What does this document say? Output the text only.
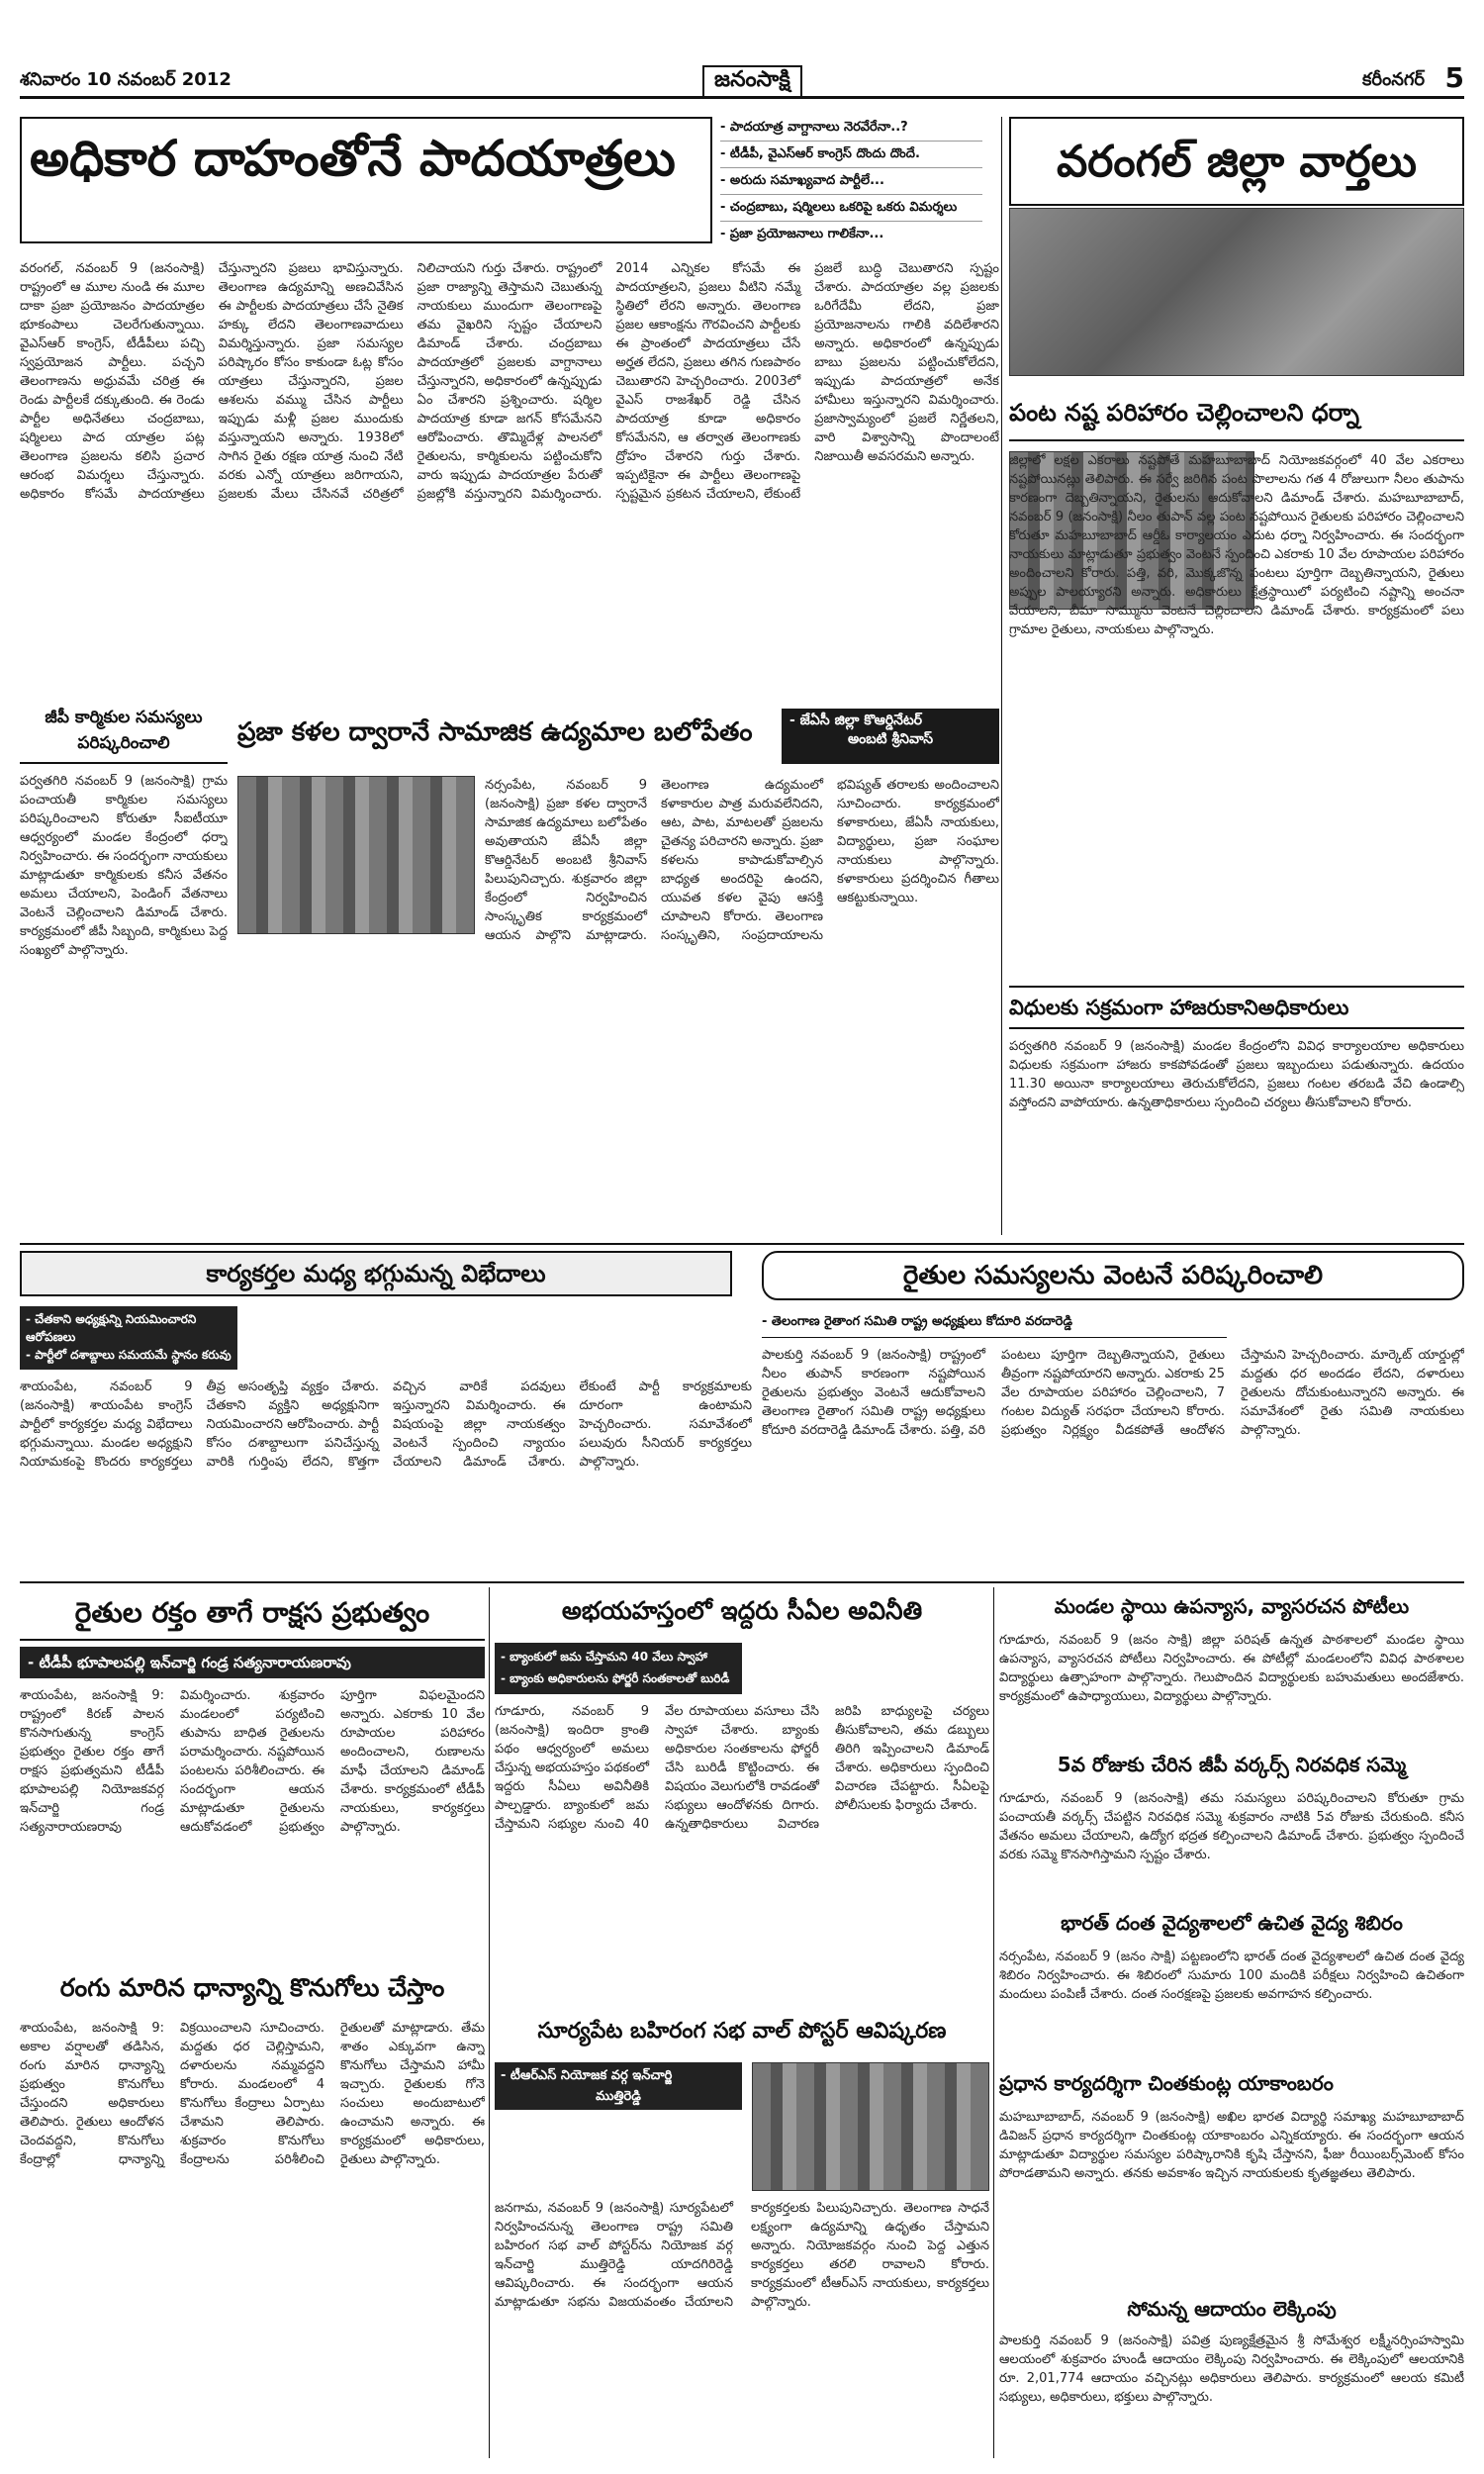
శనివారం 10 నవంబర్ 2012	జనంసాక్షి	కరీంనగర్ 5
అధికార దాహంతోనే పాదయాత్రలు
- పాదయాత్ర వాగ్దానాలు నెరవేరేనా..?
- టీడీపీ, వైఎస్ఆర్ కాంగ్రెస్ దొందు దొందే.
- అరుదు సమాఖ్యవాద పార్టీలే...
- చంద్రబాబు, షర్మిలలు ఒకరిపై ఒకరు విమర్శలు
- ప్రజా ప్రయోజనాలు గాలికేనా...
వరంగల్, నవంబర్ 9 (జనంసాక్షి) రాష్ట్రంలో ఆ మూల నుండి ఈ మూల దాకా ప్రజా ప్రయోజనం పాదయాత్రల భూకంపాలు చెలరేగుతున్నాయి. వైఎస్ఆర్ కాంగ్రెస్, టీడీపీలు పచ్చి స్వప్రయోజన పార్టీలు. పచ్చని తెలంగాణను అధ్రువమే చరిత్ర ఈ రెండు పార్టీలకే దక్కుతుంది. ఈ రెండు పార్టీల అధినేతలు చంద్రబాబు, షర్మిలలు పాద యాత్రల పట్ల తెలంగాణ ప్రజలను కలిసి ప్రచార ఆరంభ విమర్శలు చేస్తున్నారు. అధికారం కోసమే పాదయాత్రలు చేస్తున్నారని ప్రజలు భావిస్తున్నారు. తెలంగాణ ఉద్యమాన్ని అణచివేసిన ఈ పార్టీలకు పాదయాత్రలు చేసే నైతిక హక్కు లేదని తెలంగాణవాదులు విమర్శిస్తున్నారు. ప్రజా సమస్యల పరిష్కారం కోసం కాకుండా ఓట్ల కోసం యాత్రలు చేస్తున్నారని, ప్రజల ఆశలను వమ్ము చేసిన పార్టీలు ఇప్పుడు మళ్లీ ప్రజల ముందుకు వస్తున్నాయని అన్నారు. 1938లో సాగిన రైతు రక్షణ యాత్ర నుంచి నేటి వరకు ఎన్నో యాత్రలు జరిగాయని, ప్రజలకు మేలు చేసినవే చరిత్రలో నిలిచాయని గుర్తు చేశారు. రాష్ట్రంలో ప్రజా రాజ్యాన్ని తెస్తామని చెబుతున్న నాయకులు ముందుగా తెలంగాణపై తమ వైఖరిని స్పష్టం చేయాలని డిమాండ్ చేశారు. చంద్రబాబు పాదయాత్రలో ప్రజలకు వాగ్దానాలు చేస్తున్నారని, అధికారంలో ఉన్నప్పుడు ఏం చేశారని ప్రశ్నించారు. షర్మిల పాదయాత్ర కూడా జగన్ కోసమేనని ఆరోపించారు. తొమ్మిదేళ్ల పాలనలో రైతులను, కార్మికులను పట్టించుకోని వారు ఇప్పుడు పాదయాత్రల పేరుతో ప్రజల్లోకి వస్తున్నారని విమర్శించారు. 2014 ఎన్నికల కోసమే ఈ పాదయాత్రలని, ప్రజలు వీటిని నమ్మే స్థితిలో లేరని అన్నారు. తెలంగాణ ప్రజల ఆకాంక్షను గౌరవించని పార్టీలకు ఈ ప్రాంతంలో పాదయాత్రలు చేసే అర్హత లేదని, ప్రజలు తగిన గుణపాఠం చెబుతారని హెచ్చరించారు. 2003లో వైఎస్ రాజశేఖర్ రెడ్డి చేసిన పాదయాత్ర కూడా అధికారం కోసమేనని, ఆ తర్వాత తెలంగాణకు ద్రోహం చేశారని గుర్తు చేశారు. ఇప్పటికైనా ఈ పార్టీలు తెలంగాణపై స్పష్టమైన ప్రకటన చేయాలని, లేకుంటే ప్రజలే బుద్ధి చెబుతారని స్పష్టం చేశారు. పాదయాత్రల వల్ల ప్రజలకు ఒరిగేదేమీ లేదని, ప్రజా ప్రయోజనాలను గాలికి వదిలేశారని అన్నారు. అధికారంలో ఉన్నప్పుడు బాబు ప్రజలను పట్టించుకోలేదని, ఇప్పుడు పాదయాత్రలో అనేక హామీలు ఇస్తున్నారని విమర్శించారు. ప్రజాస్వామ్యంలో ప్రజలే నిర్ణేతలని, వారి విశ్వాసాన్ని పొందాలంటే నిజాయితీ అవసరమని అన్నారు.
వరంగల్ జిల్లా వార్తలు
పంట నష్ట పరిహారం చెల్లించాలని ధర్నా
జిల్లాలో లక్షల ఎకరాలు నష్టపోతే మహబూబాబాద్ నియోజకవర్గంలో 40 వేల ఎకరాలు నష్టపోయినట్లు తెలిపారు. ఈ సర్వే జరిగిన పంట పొలాలను గత 4 రోజులుగా నీలం తుపాను కారణంగా దెబ్బతిన్నాయని, రైతులను ఆదుకోవాలని డిమాండ్ చేశారు. మహబూబాబాద్, నవంబర్ 9 (జనంసాక్షి) నీలం తుపాన్ వల్ల పంట నష్టపోయిన రైతులకు పరిహారం చెల్లించాలని కోరుతూ మహబూబాబాద్ ఆర్డీఓ కార్యాలయం ఎదుట ధర్నా నిర్వహించారు. ఈ సందర్భంగా నాయకులు మాట్లాడుతూ ప్రభుత్వం వెంటనే స్పందించి ఎకరాకు 10 వేల రూపాయల పరిహారం అందించాలని కోరారు. పత్తి, వరి, మొక్కజొన్న పంటలు పూర్తిగా దెబ్బతిన్నాయని, రైతులు అప్పుల పాలయ్యారని అన్నారు. అధికారులు క్షేత్రస్థాయిలో పర్యటించి నష్టాన్ని అంచనా వేయాలని, బీమా సొమ్మును వెంటనే చెల్లించాలని డిమాండ్ చేశారు. కార్యక్రమంలో పలు గ్రామాల రైతులు, నాయకులు పాల్గొన్నారు.
జీపీ కార్మికుల సమస్యలు పరిష్కరించాలి
పర్వతగిరి నవంబర్ 9 (జనంసాక్షి) గ్రామ పంచాయతీ కార్మికుల సమస్యలు పరిష్కరించాలని కోరుతూ సీఐటీయూ ఆధ్వర్యంలో మండల కేంద్రంలో ధర్నా నిర్వహించారు. ఈ సందర్భంగా నాయకులు మాట్లాడుతూ కార్మికులకు కనీస వేతనం అమలు చేయాలని, పెండింగ్ వేతనాలు వెంటనే చెల్లించాలని డిమాండ్ చేశారు. కార్యక్రమంలో జీపీ సిబ్బంది, కార్మికులు పెద్ద సంఖ్యలో పాల్గొన్నారు.
ప్రజా కళల ద్వారానే సామాజిక ఉద్యమాల బలోపేతం	- జేఏసీ జిల్లా కొఆర్డినేటర్
అంబటి శ్రీనివాస్
నర్సంపేట, నవంబర్ 9 (జనంసాక్షి) ప్రజా కళల ద్వారానే సామాజిక ఉద్యమాలు బలోపేతం అవుతాయని జేఏసీ జిల్లా కొఆర్డినేటర్ అంబటి శ్రీనివాస్ పిలుపునిచ్చారు. శుక్రవారం జిల్లా కేంద్రంలో నిర్వహించిన సాంస్కృతిక కార్యక్రమంలో ఆయన పాల్గొని మాట్లాడారు. తెలంగాణ ఉద్యమంలో కళాకారుల పాత్ర మరువలేనిదని, ఆట, పాట, మాటలతో ప్రజలను చైతన్య పరిచారని అన్నారు. ప్రజా కళలను కాపాడుకోవాల్సిన బాధ్యత అందరిపై ఉందని, యువత కళల వైపు ఆసక్తి చూపాలని కోరారు. తెలంగాణ సంస్కృతిని, సంప్రదాయాలను భవిష్యత్ తరాలకు అందించాలని సూచించారు. కార్యక్రమంలో కళాకారులు, జేఏసీ నాయకులు, విద్యార్థులు, ప్రజా సంఘాల నాయకులు పాల్గొన్నారు. కళాకారులు ప్రదర్శించిన గీతాలు ఆకట్టుకున్నాయి.
విధులకు సక్రమంగా హాజరుకానిఅధికారులు
పర్వతగిరి నవంబర్ 9 (జనంసాక్షి) మండల కేంద్రంలోని వివిధ కార్యాలయాల అధికారులు విధులకు సక్రమంగా హాజరు కాకపోవడంతో ప్రజలు ఇబ్బందులు పడుతున్నారు. ఉదయం 11.30 అయినా కార్యాలయాలు తెరుచుకోలేదని, ప్రజలు గంటల తరబడి వేచి ఉండాల్సి వస్తోందని వాపోయారు. ఉన్నతాధికారులు స్పందించి చర్యలు తీసుకోవాలని కోరారు.
కార్యకర్తల మధ్య భగ్గుమన్న విభేదాలు
- చేతకాని అధ్యక్షున్ని నియమించారని ఆరోపణలు
- పార్టీలో దశాబ్దాలు సమయమే స్థానం కరువు
శాయంపేట, నవంబర్ 9 (జనంసాక్షి) శాయంపేట కాంగ్రెస్ పార్టీలో కార్యకర్తల మధ్య విభేదాలు భగ్గుమన్నాయి. మండల అధ్యక్షుని నియామకంపై కొందరు కార్యకర్తలు తీవ్ర అసంతృప్తి వ్యక్తం చేశారు. చేతకాని వ్యక్తిని అధ్యక్షునిగా నియమించారని ఆరోపించారు. పార్టీ కోసం దశాబ్దాలుగా పనిచేస్తున్న వారికి గుర్తింపు లేదని, కొత్తగా వచ్చిన వారికే పదవులు ఇస్తున్నారని విమర్శించారు. ఈ విషయంపై జిల్లా నాయకత్వం వెంటనే స్పందించి న్యాయం చేయాలని డిమాండ్ చేశారు. లేకుంటే పార్టీ కార్యక్రమాలకు దూరంగా ఉంటామని హెచ్చరించారు. సమావేశంలో పలువురు సీనియర్ కార్యకర్తలు పాల్గొన్నారు.
రైతుల సమస్యలను వెంటనే పరిష్కరించాలి
- తెలంగాణ రైతాంగ సమితి రాష్ట్ర అధ్యక్షులు కోదూరి వరదారెడ్డి
పాలకుర్తి నవంబర్ 9 (జనంసాక్షి) రాష్ట్రంలో నీలం తుపాన్ కారణంగా నష్టపోయిన రైతులను ప్రభుత్వం వెంటనే ఆదుకోవాలని తెలంగాణ రైతాంగ సమితి రాష్ట్ర అధ్యక్షులు కోదూరి వరదారెడ్డి డిమాండ్ చేశారు. పత్తి, వరి పంటలు పూర్తిగా దెబ్బతిన్నాయని, రైతులు తీవ్రంగా నష్టపోయారని అన్నారు. ఎకరాకు 25 వేల రూపాయల పరిహారం చెల్లించాలని, 7 గంటల విద్యుత్ సరఫరా చేయాలని కోరారు. ప్రభుత్వం నిర్లక్ష్యం వీడకపోతే ఆందోళన చేస్తామని హెచ్చరించారు. మార్కెట్ యార్డుల్లో మద్దతు ధర అందడం లేదని, దళారులు రైతులను దోచుకుంటున్నారని అన్నారు. ఈ సమావేశంలో రైతు సమితి నాయకులు పాల్గొన్నారు.
రైతుల రక్తం తాగే రాక్షస ప్రభుత్వం
- టీడీపీ భూపాలపల్లి ఇన్‌చార్జి గండ్ర సత్యనారాయణరావు
శాయంపేట, జనంసాక్షి 9: రాష్ట్రంలో కిరణ్ పాలన కొనసాగుతున్న కాంగ్రెస్ ప్రభుత్వం రైతుల రక్తం తాగే రాక్షస ప్రభుత్వమని టీడీపీ భూపాలపల్లి నియోజకవర్గ ఇన్‌చార్జి గండ్ర సత్యనారాయణరావు విమర్శించారు. శుక్రవారం మండలంలో పర్యటించి తుపాను బాధిత రైతులను పరామర్శించారు. నష్టపోయిన పంటలను పరిశీలించారు. ఈ సందర్భంగా ఆయన మాట్లాడుతూ రైతులను ఆదుకోవడంలో ప్రభుత్వం పూర్తిగా విఫలమైందని అన్నారు. ఎకరాకు 10 వేల రూపాయల పరిహారం అందించాలని, రుణాలను మాఫీ చేయాలని డిమాండ్ చేశారు. కార్యక్రమంలో టీడీపీ నాయకులు, కార్యకర్తలు పాల్గొన్నారు.
అభయహస్తంలో ఇద్దరు సీఏల అవినీతి
- బ్యాంకులో జమ చేస్తామని 40 వేలు స్వాహా
- బ్యాంకు అధికారులను ఫోర్జరీ సంతకాలతో బురిడీ
గూడూరు, నవంబర్ 9 (జనంసాక్షి) ఇందిరా క్రాంతి పథం ఆధ్వర్యంలో అమలు చేస్తున్న అభయహస్తం పథకంలో ఇద్దరు సీఏలు అవినీతికి పాల్పడ్డారు. బ్యాంకులో జమ చేస్తామని సభ్యుల నుంచి 40 వేల రూపాయలు వసూలు చేసి స్వాహా చేశారు. బ్యాంకు అధికారుల సంతకాలను ఫోర్జరీ చేసి బురిడీ కొట్టించారు. ఈ విషయం వెలుగులోకి రావడంతో సభ్యులు ఆందోళనకు దిగారు. ఉన్నతాధికారులు విచారణ జరిపి బాధ్యులపై చర్యలు తీసుకోవాలని, తమ డబ్బులు తిరిగి ఇప్పించాలని డిమాండ్ చేశారు. అధికారులు స్పందించి విచారణ చేపట్టారు. సీఏలపై పోలీసులకు ఫిర్యాదు చేశారు.
మండల స్థాయి ఉపన్యాస, వ్యాసరచన పోటీలు
గూడూరు, నవంబర్ 9 (జనం సాక్షి) జిల్లా పరిషత్ ఉన్నత పాఠశాలలో మండల స్థాయి ఉపన్యాస, వ్యాసరచన పోటీలు నిర్వహించారు. ఈ పోటీల్లో మండలంలోని వివిధ పాఠశాలల విద్యార్థులు ఉత్సాహంగా పాల్గొన్నారు. గెలుపొందిన విద్యార్థులకు బహుమతులు అందజేశారు. కార్యక్రమంలో ఉపాధ్యాయులు, విద్యార్థులు పాల్గొన్నారు.
5వ రోజుకు చేరిన జీపీ వర్కర్స్ నిరవధిక సమ్మె
గూడూరు, నవంబర్ 9 (జనంసాక్షి) తమ సమస్యలు పరిష్కరించాలని కోరుతూ గ్రామ పంచాయతీ వర్కర్స్ చేపట్టిన నిరవధిక సమ్మె శుక్రవారం నాటికి 5వ రోజుకు చేరుకుంది. కనీస వేతనం అమలు చేయాలని, ఉద్యోగ భద్రత కల్పించాలని డిమాండ్ చేశారు. ప్రభుత్వం స్పందించే వరకు సమ్మె కొనసాగిస్తామని స్పష్టం చేశారు.
భారత్ దంత వైద్యశాలలో ఉచిత వైద్య శిబిరం
నర్సంపేట, నవంబర్ 9 (జనం సాక్షి) పట్టణంలోని భారత్ దంత వైద్యశాలలో ఉచిత దంత వైద్య శిబిరం నిర్వహించారు. ఈ శిబిరంలో సుమారు 100 మందికి పరీక్షలు నిర్వహించి ఉచితంగా మందులు పంపిణీ చేశారు. దంత సంరక్షణపై ప్రజలకు అవగాహన కల్పించారు.
రంగు మారిన ధాన్యాన్ని కొనుగోలు చేస్తాం
శాయంపేట, జనంసాక్షి 9: అకాల వర్షాలతో తడిసిన, రంగు మారిన ధాన్యాన్ని ప్రభుత్వం కొనుగోలు చేస్తుందని అధికారులు తెలిపారు. రైతులు ఆందోళన చెందవద్దని, కొనుగోలు కేంద్రాల్లో ధాన్యాన్ని విక్రయించాలని సూచించారు. మద్దతు ధర చెల్లిస్తామని, దళారులను నమ్మవద్దని కోరారు. మండలంలో 4 కొనుగోలు కేంద్రాలు ఏర్పాటు చేశామని తెలిపారు. శుక్రవారం కొనుగోలు కేంద్రాలను పరిశీలించి రైతులతో మాట్లాడారు. తేమ శాతం ఎక్కువగా ఉన్నా కొనుగోలు చేస్తామని హామీ ఇచ్చారు. రైతులకు గోనె సంచులు అందుబాటులో ఉంచామని అన్నారు. ఈ కార్యక్రమంలో అధికారులు, రైతులు పాల్గొన్నారు.
సూర్యపేట బహిరంగ సభ వాల్ పోస్టర్ ఆవిష్కరణ
- టీఆర్ఎస్ నియోజక వర్గ ఇన్‌చార్జి
ముత్తిరెడ్డి
జనగామ, నవంబర్ 9 (జనంసాక్షి) సూర్యపేటలో నిర్వహించనున్న తెలంగాణ రాష్ట్ర సమితి బహిరంగ సభ వాల్ పోస్టర్‌ను నియోజక వర్గ ఇన్‌చార్జి ముత్తిరెడ్డి యాదగిరిరెడ్డి ఆవిష్కరించారు. ఈ సందర్భంగా ఆయన మాట్లాడుతూ సభను విజయవంతం చేయాలని కార్యకర్తలకు పిలుపునిచ్చారు. తెలంగాణ సాధనే లక్ష్యంగా ఉద్యమాన్ని ఉధృతం చేస్తామని అన్నారు. నియోజకవర్గం నుంచి పెద్ద ఎత్తున కార్యకర్తలు తరలి రావాలని కోరారు. కార్యక్రమంలో టీఆర్ఎస్ నాయకులు, కార్యకర్తలు పాల్గొన్నారు.
ప్రధాన కార్యదర్శిగా చింతకుంట్ల యాకాంబరం
మహబూబాబాద్, నవంబర్ 9 (జనంసాక్షి) అఖిల భారత విద్యార్థి సమాఖ్య మహబూబాబాద్ డివిజన్ ప్రధాన కార్యదర్శిగా చింతకుంట్ల యాకాంబరం ఎన్నికయ్యారు. ఈ సందర్భంగా ఆయన మాట్లాడుతూ విద్యార్థుల సమస్యల పరిష్కారానికి కృషి చేస్తానని, ఫీజు రీయింబర్స్‌మెంట్ కోసం పోరాడతామని అన్నారు. తనకు అవకాశం ఇచ్చిన నాయకులకు కృతజ్ఞతలు తెలిపారు.
సోమన్న ఆదాయం లెక్కింపు
పాలకుర్తి నవంబర్ 9 (జనంసాక్షి) పవిత్ర పుణ్యక్షేత్రమైన శ్రీ సోమేశ్వర లక్ష్మీనర్సింహస్వామి ఆలయంలో శుక్రవారం హుండీ ఆదాయం లెక్కింపు నిర్వహించారు. ఈ లెక్కింపులో ఆలయానికి రూ. 2,01,774 ఆదాయం వచ్చినట్లు అధికారులు తెలిపారు. కార్యక్రమంలో ఆలయ కమిటీ సభ్యులు, అధికారులు, భక్తులు పాల్గొన్నారు.
